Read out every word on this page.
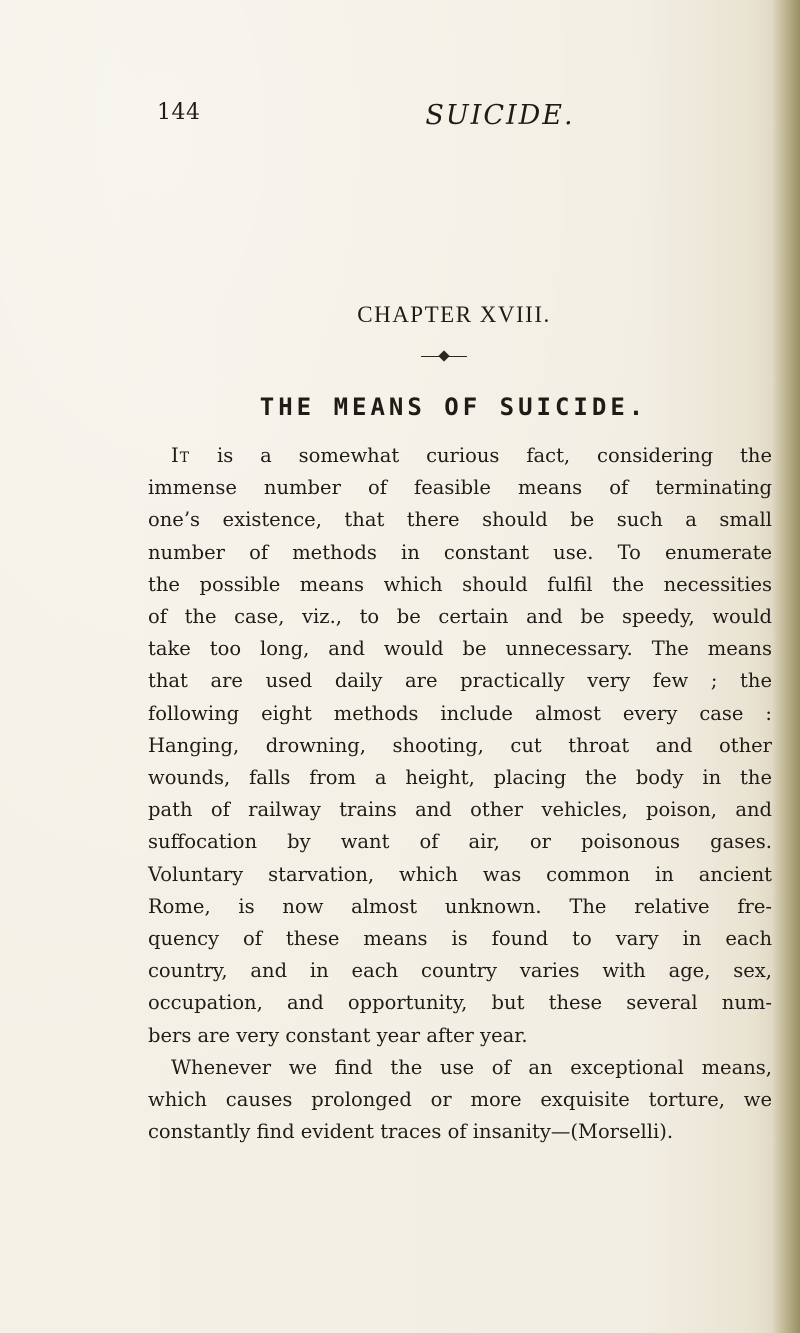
144	SUICIDE.
CHAPTER XVIII.
THE MEANS OF SUICIDE.
It is a somewhat curious fact, considering the
immense number of feasible means of terminating
one’s existence, that there should be such a small
number of methods in constant use. To enumerate
the possible means which should fulfil the necessities
of the case, viz., to be certain and be speedy, would
take too long, and would be unnecessary. The means
that are used daily are practically very few ; the
following eight methods include almost every case :
Hanging, drowning, shooting, cut throat and other
wounds, falls from a height, placing the body in the
path of railway trains and other vehicles, poison, and
suffocation by want of air, or poisonous gases.
Voluntary starvation, which was common in ancient
Rome, is now almost unknown. The relative fre-
quency of these means is found to vary in each
country, and in each country varies with age, sex,
occupation, and opportunity, but these several num-
bers are very constant year after year.
Whenever we find the use of an exceptional means,
which causes prolonged or more exquisite torture, we
constantly find evident traces of insanity—(Morselli).
